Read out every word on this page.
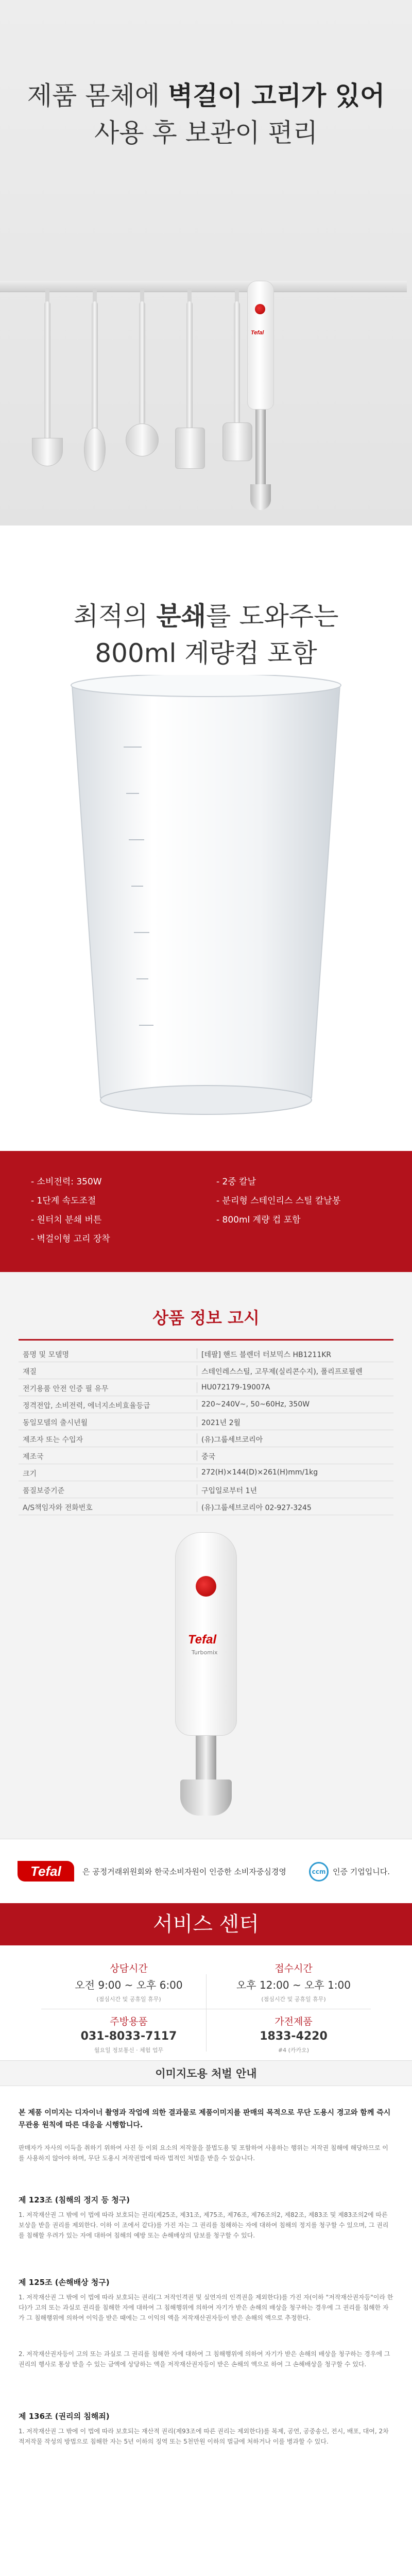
제품 몸체에 벽걸이 고리가 있어
사용 후 보관이 편리
Tefal
최적의 분쇄를 도와주는
800ml 계량컵 포함
- 소비전력: 350W
- 1단계 속도조절
- 원터치 분쇄 버튼
- 벽걸이형 고리 장착
- 2중 칼날
- 분리형 스테인리스 스틸 칼날봉
- 800ml 계량 컵 포함
상품 정보 고시
품명 및 모델명	[테팔] 핸드 블렌더 터보믹스 HB1211KR
재질	스테인레스스틸, 고무제(실리콘수지), 폴리프로필렌
전기용품 안전 인증 필 유무	HU07217​9-19007A
정격전압, 소비전력, 에너지소비효율등급	220~240V~, 50~60Hz, 350W
동일모델의 출시년월	2021년 2월
제조자 또는 수입자	(유)그룹세브코리아
제조국	중국
크기	272(H)×144(D)×261(H)mm/1kg
품질보증기준	구입일로부터 1년
A/S책임자와 전화번호	(유)그룹세브코리아 02-927-3245
Tefal
Turbomix
Tefal	은 공정거래위원회와 한국소비자원이 인증한 소비자중심경영	ccm 인증 기업입니다.
서비스 센터
상담시간
오전 9:00 ~ 오후 6:00
(점심시간 및 공휴일 휴무)
접수시간
오후 12:00 ~ 오후 1:00
(점심시간 및 공휴일 휴무)
주방용품
031-8033-7117
월요일 정보통신 · 체험 업무
가전제품
1833-4220
#4 (카카오)
이미지도용 처벌 안내
본 제품 이미지는 디자이너 촬영과 작업에 의한 결과물로 제품이미지를 판매의 목적으로 무단 도용시 경고와 함께 즉시 무관용 원칙에 따른 대응을 시행합니다.
판매자가 자사의 이득을 취하기 위하여 사진 등 이외 요소의 저작물을 불법도용 및 포함하여 사용하는 행위는 저작권 침해에 해당하므로 이를 사용하지 않아야 하며, 무단 도용시 저작권법에 따라 법적인 처벌을 받을 수 있습니다.
제 123조 (침해의 정지 등 청구)
1. 저작재산권 그 밖에 이 법에 따라 보호되는 권리(제25조, 제31조, 제75조, 제76조, 제76조의2, 제82조, 제83조 및 제83조의2에 따른 보상을 받을 권리를 제외한다. 이하 이 조에서 같다)를 가진 자는 그 권리를 침해하는 자에 대하여 침해의 정지를 청구할 수 있으며, 그 권리를 침해할 우려가 있는 자에 대하여 침해의 예방 또는 손해배상의 담보를 청구할 수 있다.
제 125조 (손해배상 청구)
1. 저작재산권 그 밖에 이 법에 따라 보호되는 권리(그 저작인격권 및 실연자의 인격권을 제외한다)를 가진 자(이하 "저작재산권자등"이라 한다)가 고의 또는 과실로 권리를 침해한 자에 대하여 그 침해행위에 의하여 자기가 받은 손해의 배상을 청구하는 경우에 그 권리를 침해한 자가 그 침해행위에 의하여 이익을 받은 때에는 그 이익의 액을 저작재산권자등이 받은 손해의 액으로 추정한다.
2. 저작재산권자등이 고의 또는 과실로 그 권리를 침해한 자에 대하여 그 침해행위에 의하여 자기가 받은 손해의 배상을 청구하는 경우에 그 권리의 행사로 통상 받을 수 있는 금액에 상당하는 액을 저작재산권자등이 받은 손해의 액으로 하여 그 손해배상을 청구할 수 있다.
제 136조 (권리의 침해죄)
1. 저작재산권 그 밖에 이 법에 따라 보호되는 재산적 권리(제93조에 따른 권리는 제외한다)를 복제, 공연, 공중송신, 전시, 배포, 대여, 2차적저작물 작성의 방법으로 침해한 자는 5년 이하의 징역 또는 5천만원 이하의 벌금에 처하거나 이를 병과할 수 있다.
